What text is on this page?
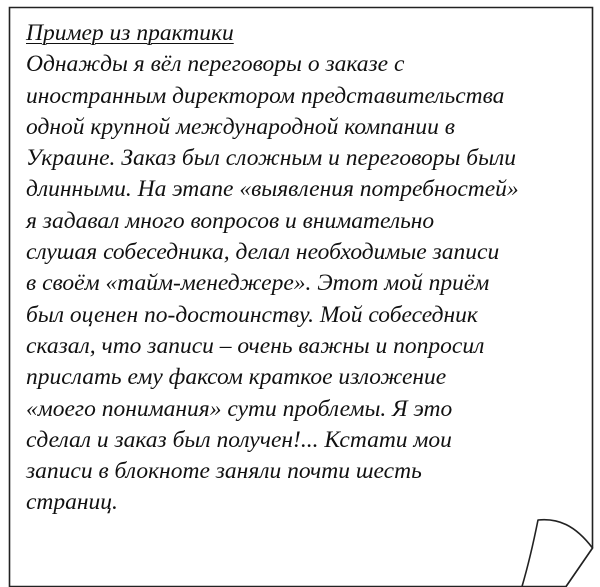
Пример из практики
Однажды я вёл переговоры о заказе с
иностранным директором представительства
одной крупной международной компании в
Украине. Заказ был сложным и переговоры были
длинными. На этапе «выявления потребностей»
я задавал много вопросов и внимательно
слушая собеседника, делал необходимые записи
в своём «тайм-менеджере». Этот мой приём
был оценен по-достоинству. Мой собеседник
сказал, что записи – очень важны и попросил
прислать ему факсом краткое изложение
«моего понимания» сути проблемы. Я это
сделал и заказ был получен!... Кстати мои
записи в блокноте заняли почти шесть
страниц.
